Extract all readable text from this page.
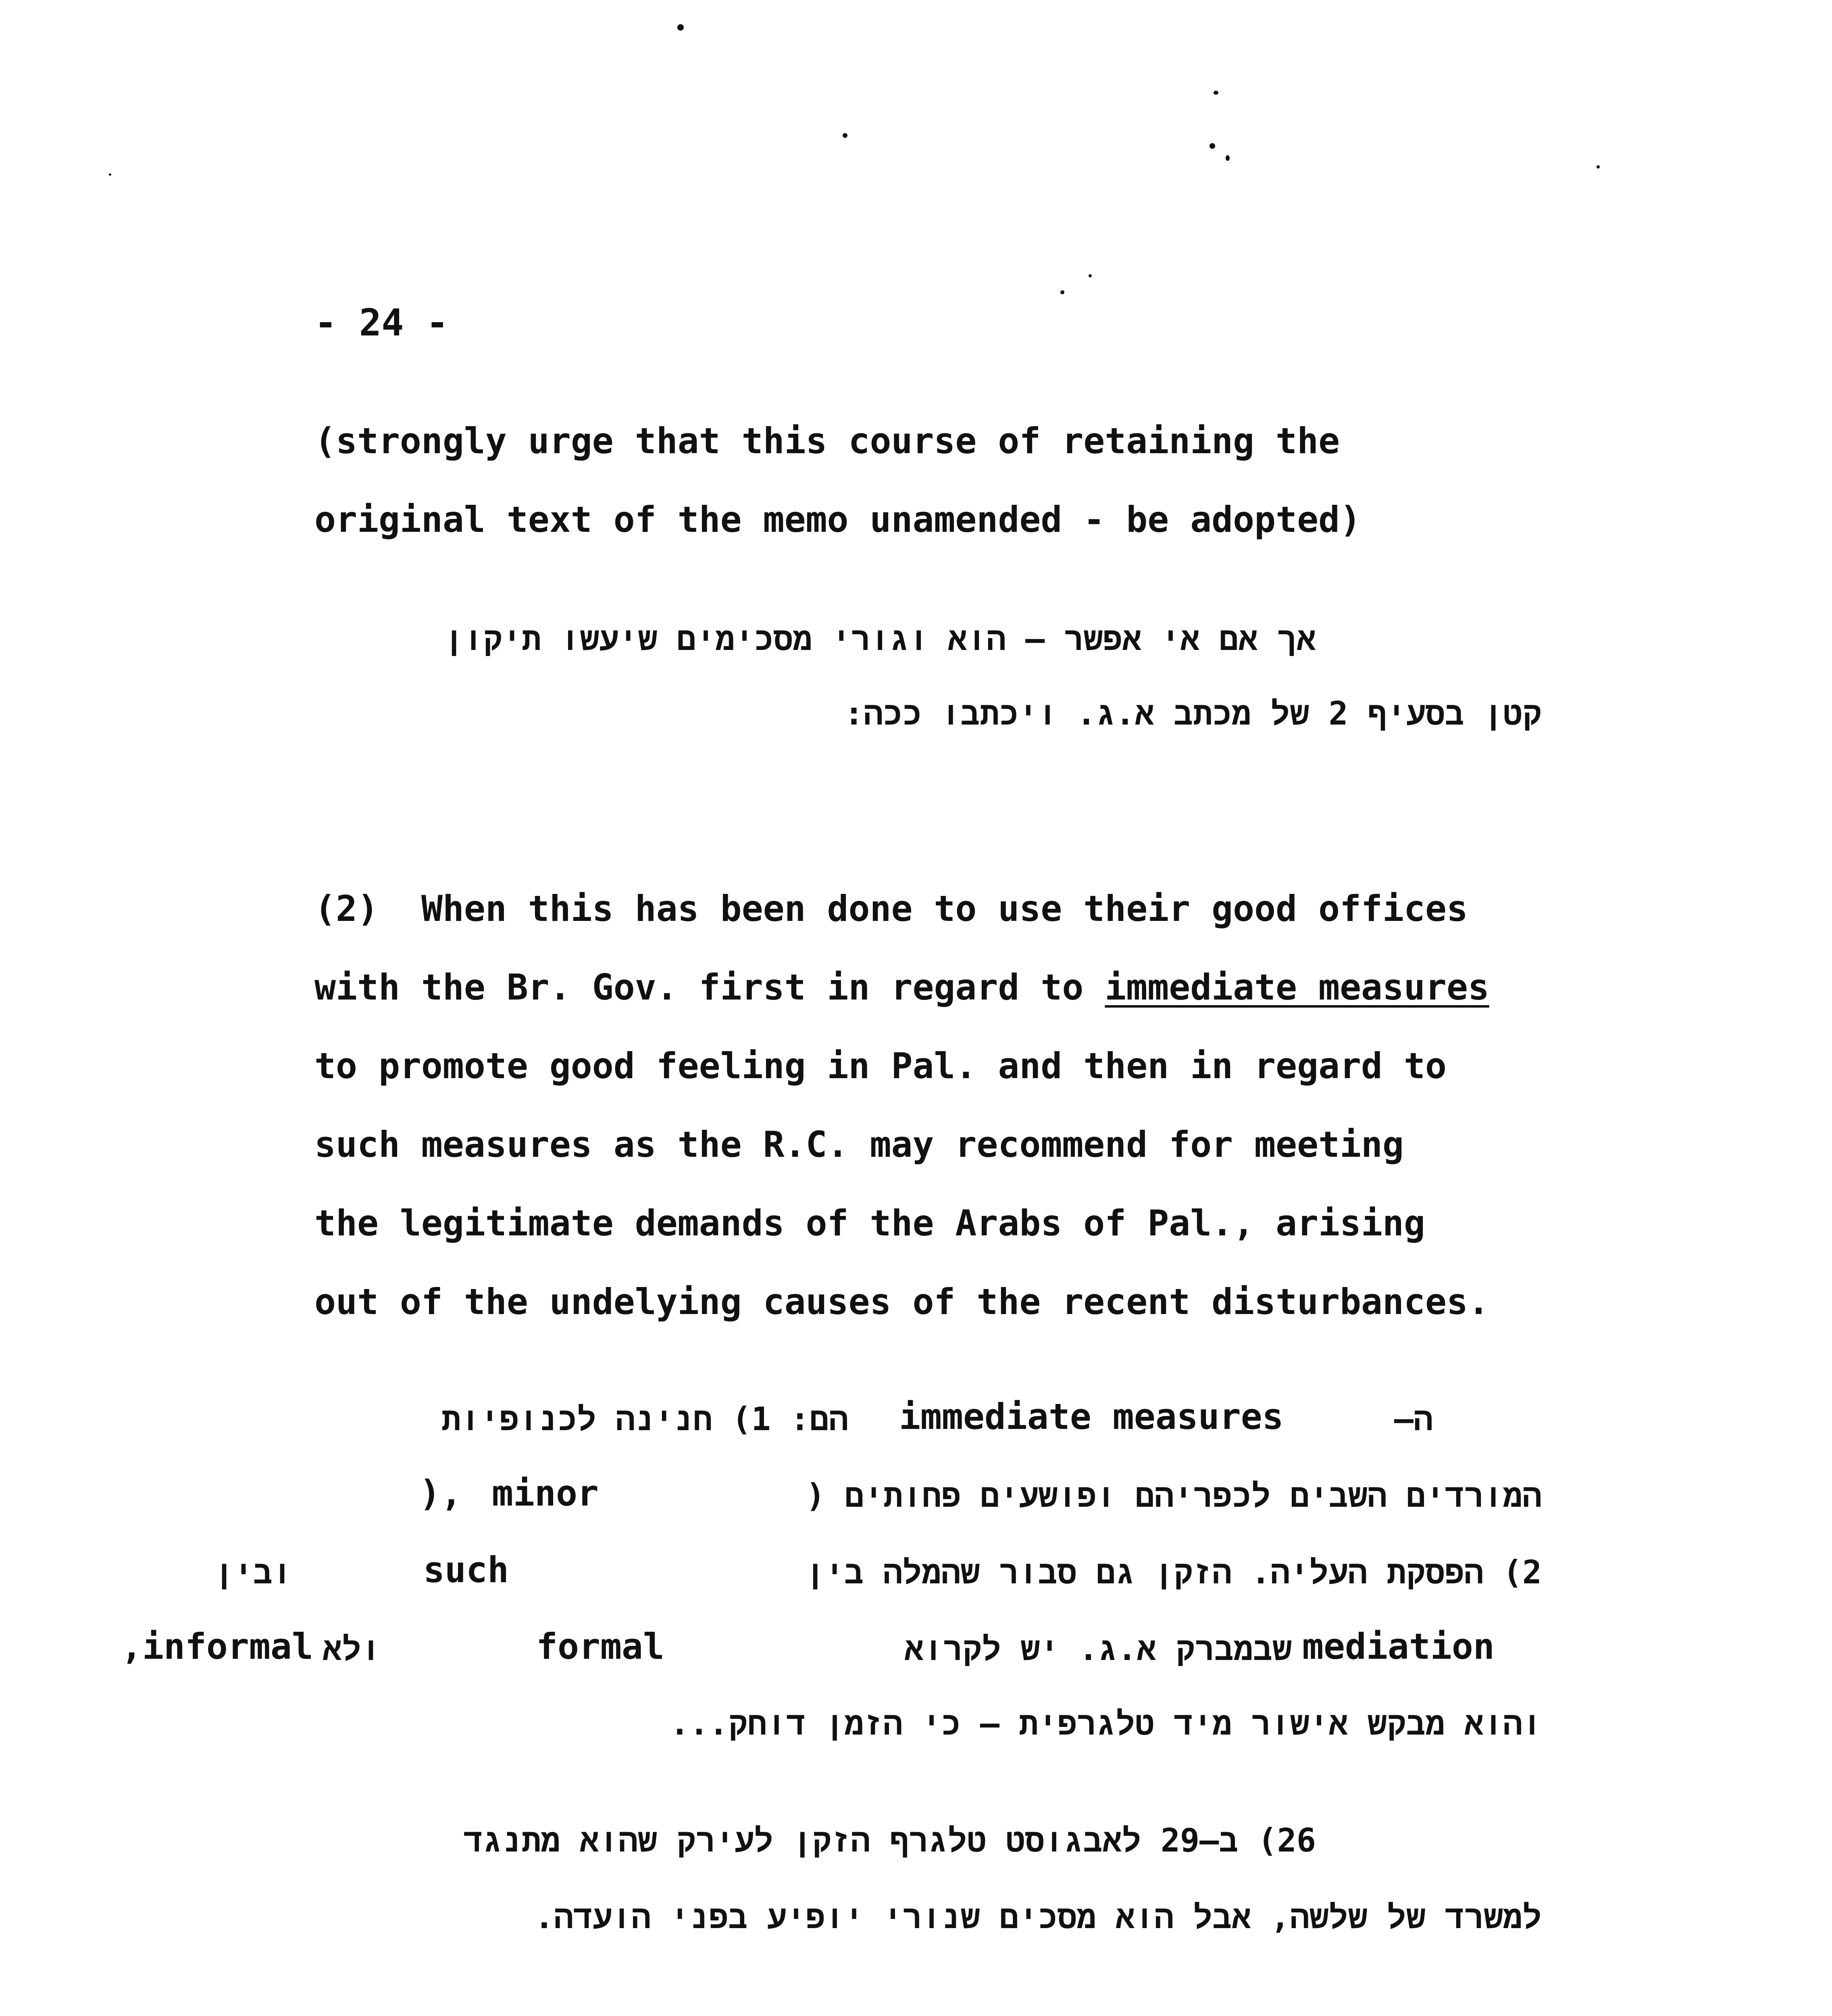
- 24 -
(strongly urge that this course of retaining the
original text of the memo unamended - be adopted)
אך אם אי אפשר – הוא וגורי מסכימים שיעשו תיקון
קטן בסעיף 2 של מכתב א.ג. ויכתבו ככה:
(2)  When this has been done to use their good offices
with the Br. Gov. first in regard to immediate measures
to promote good feeling in Pal. and then in regard to
such measures as the R.C. may recommend for meeting
the legitimate demands of the Arabs of Pal., arising
out of the undelying causes of the recent disturbances.
ה–
immediate measures
הם: 1) חנינה לכנופיות
המורדים השבים לכפריהם ופושעים פחותים (
minor
),
2) הפסקת העליה. הזקן גם סבור שהמלה בין
such
ובין
mediation
שבמברק א.ג. יש לקרוא
formal
ולא
,informal
והוא מבקש אישור מיד טלגרפית – כי הזמן דוחק...
26) ב–29 לאבגוסט טלגרף הזקן לעירק שהוא מתנגד
למשרד של שלשה, אבל הוא מסכים שנורי יופיע בפני הועדה.
